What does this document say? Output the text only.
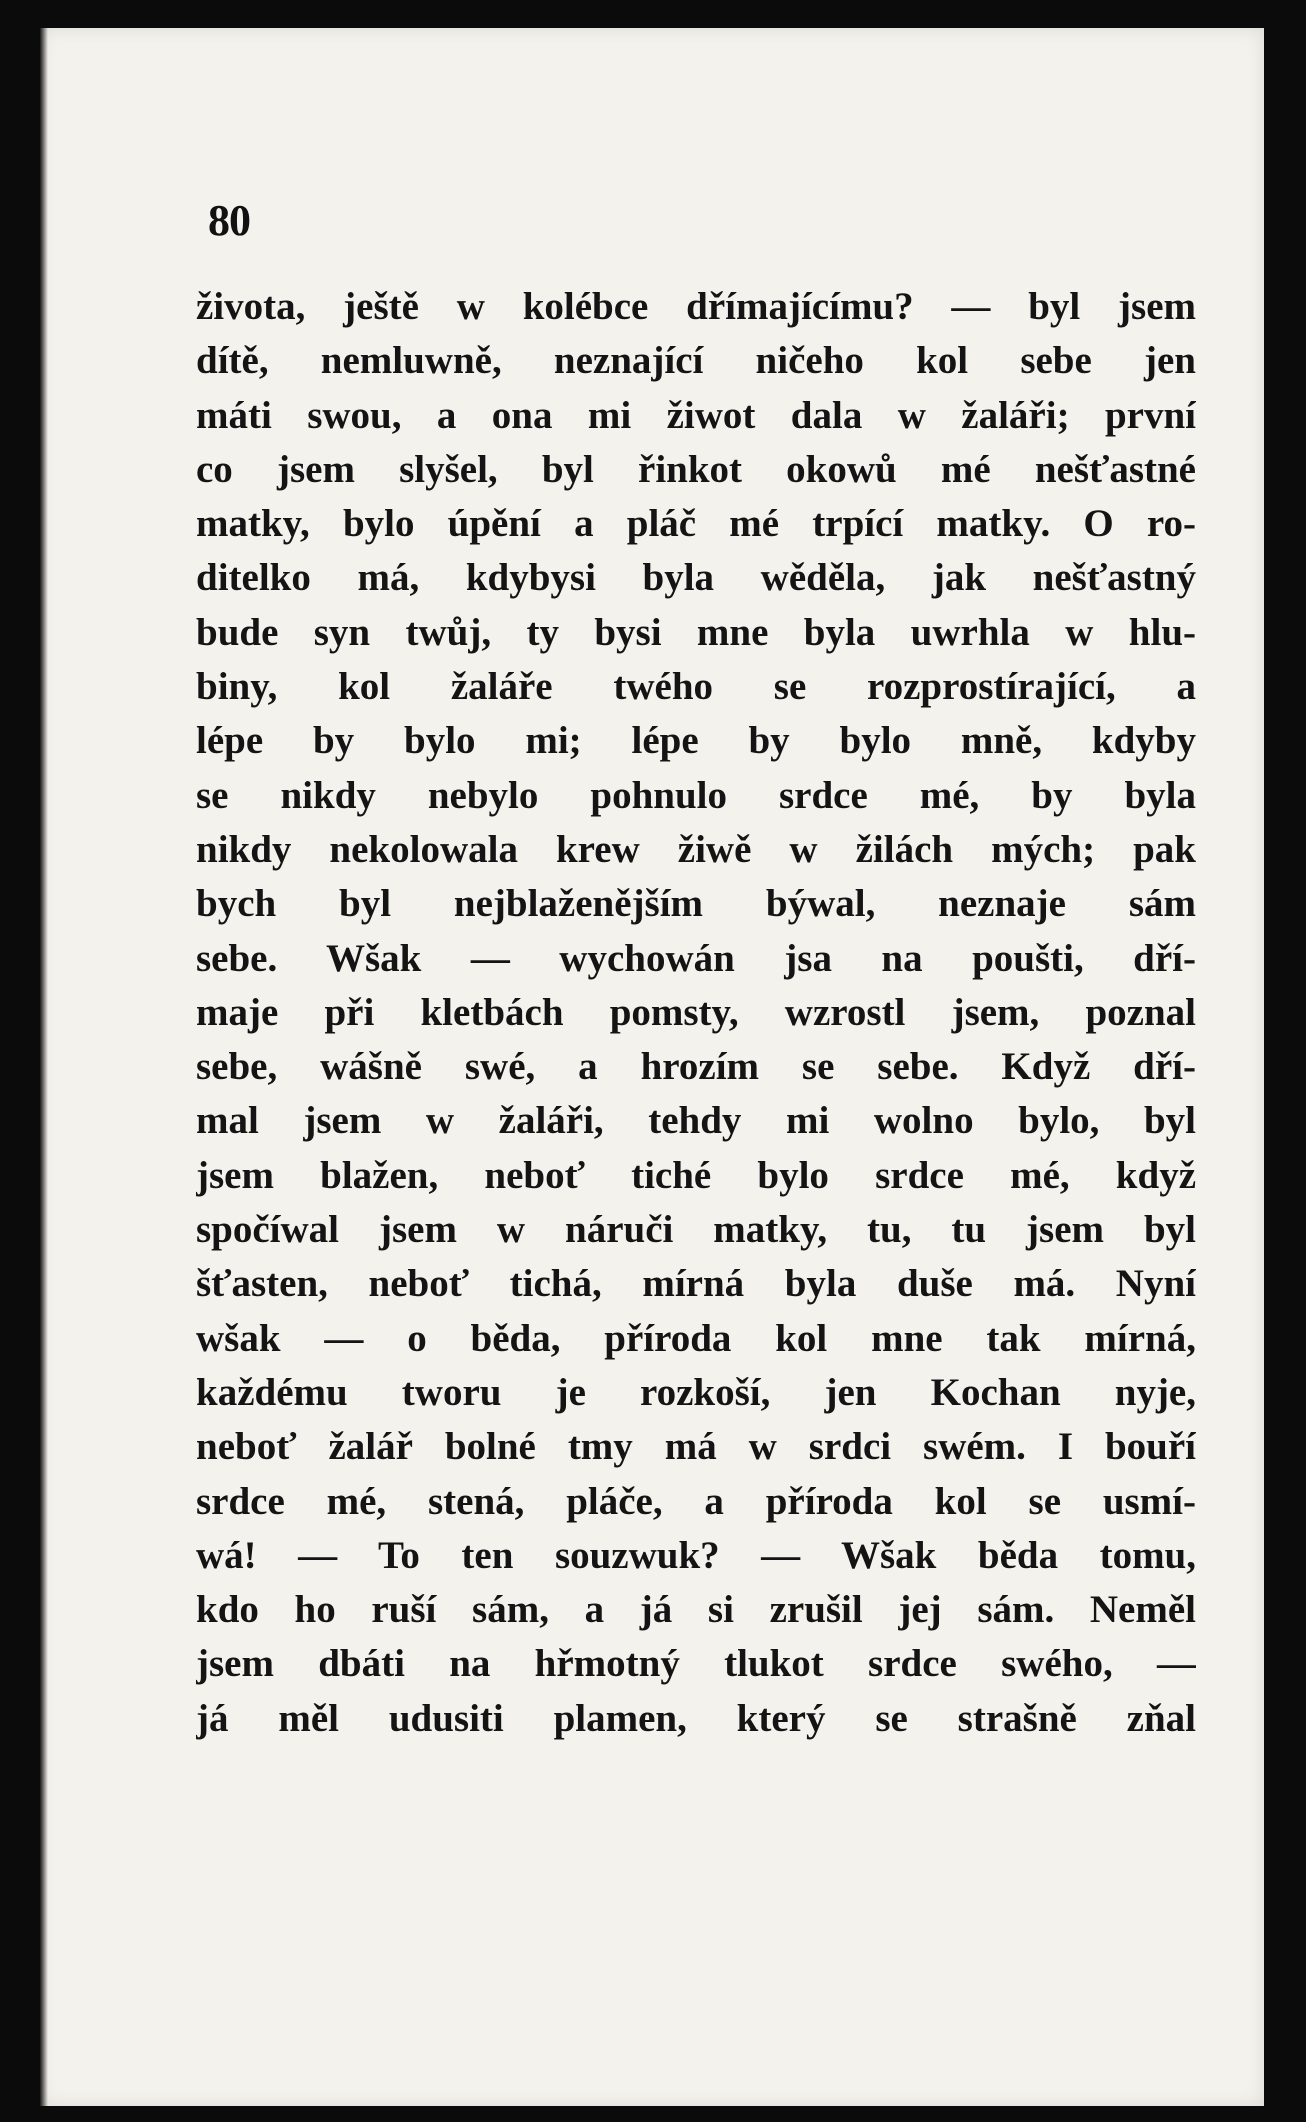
80
života, ještě w kolébce dřímajícímu? — byl jsem
dítě, nemluwně, neznající ničeho kol sebe jen
máti swou, a ona mi žiwot dala w žaláři; první
co jsem slyšel, byl řinkot okowů mé nešťastné
matky, bylo úpění a pláč mé trpící matky. O ro-
ditelko má, kdybysi byla wěděla, jak nešťastný
bude syn twůj, ty bysi mne byla uwrhla w hlu-
biny, kol žaláře twého se rozprostírající, a
lépe by bylo mi; lépe by bylo mně, kdyby
se nikdy nebylo pohnulo srdce mé, by byla
nikdy nekolowala krew žiwě w žilách mých; pak
bych byl nejblaženějším býwal, neznaje sám
sebe. Wšak — wychowán jsa na poušti, dří-
maje při kletbách pomsty, wzrostl jsem, poznal
sebe, wášně swé, a hrozím se sebe. Když dří-
mal jsem w žaláři, tehdy mi wolno bylo, byl
jsem blažen, neboť tiché bylo srdce mé, když
spočíwal jsem w náruči matky, tu, tu jsem byl
šťasten, neboť tichá, mírná byla duše má. Nyní
wšak — o běda, příroda kol mne tak mírná,
každému tworu je rozkoší, jen Kochan nyje,
neboť žalář bolné tmy má w srdci swém. I bouří
srdce mé, stená, pláče, a příroda kol se usmí-
wá! — To ten souzwuk? — Wšak běda tomu,
kdo ho ruší sám, a já si zrušil jej sám. Neměl
jsem dbáti na hřmotný tlukot srdce swého, —
já měl udusiti plamen, který se strašně zňal
